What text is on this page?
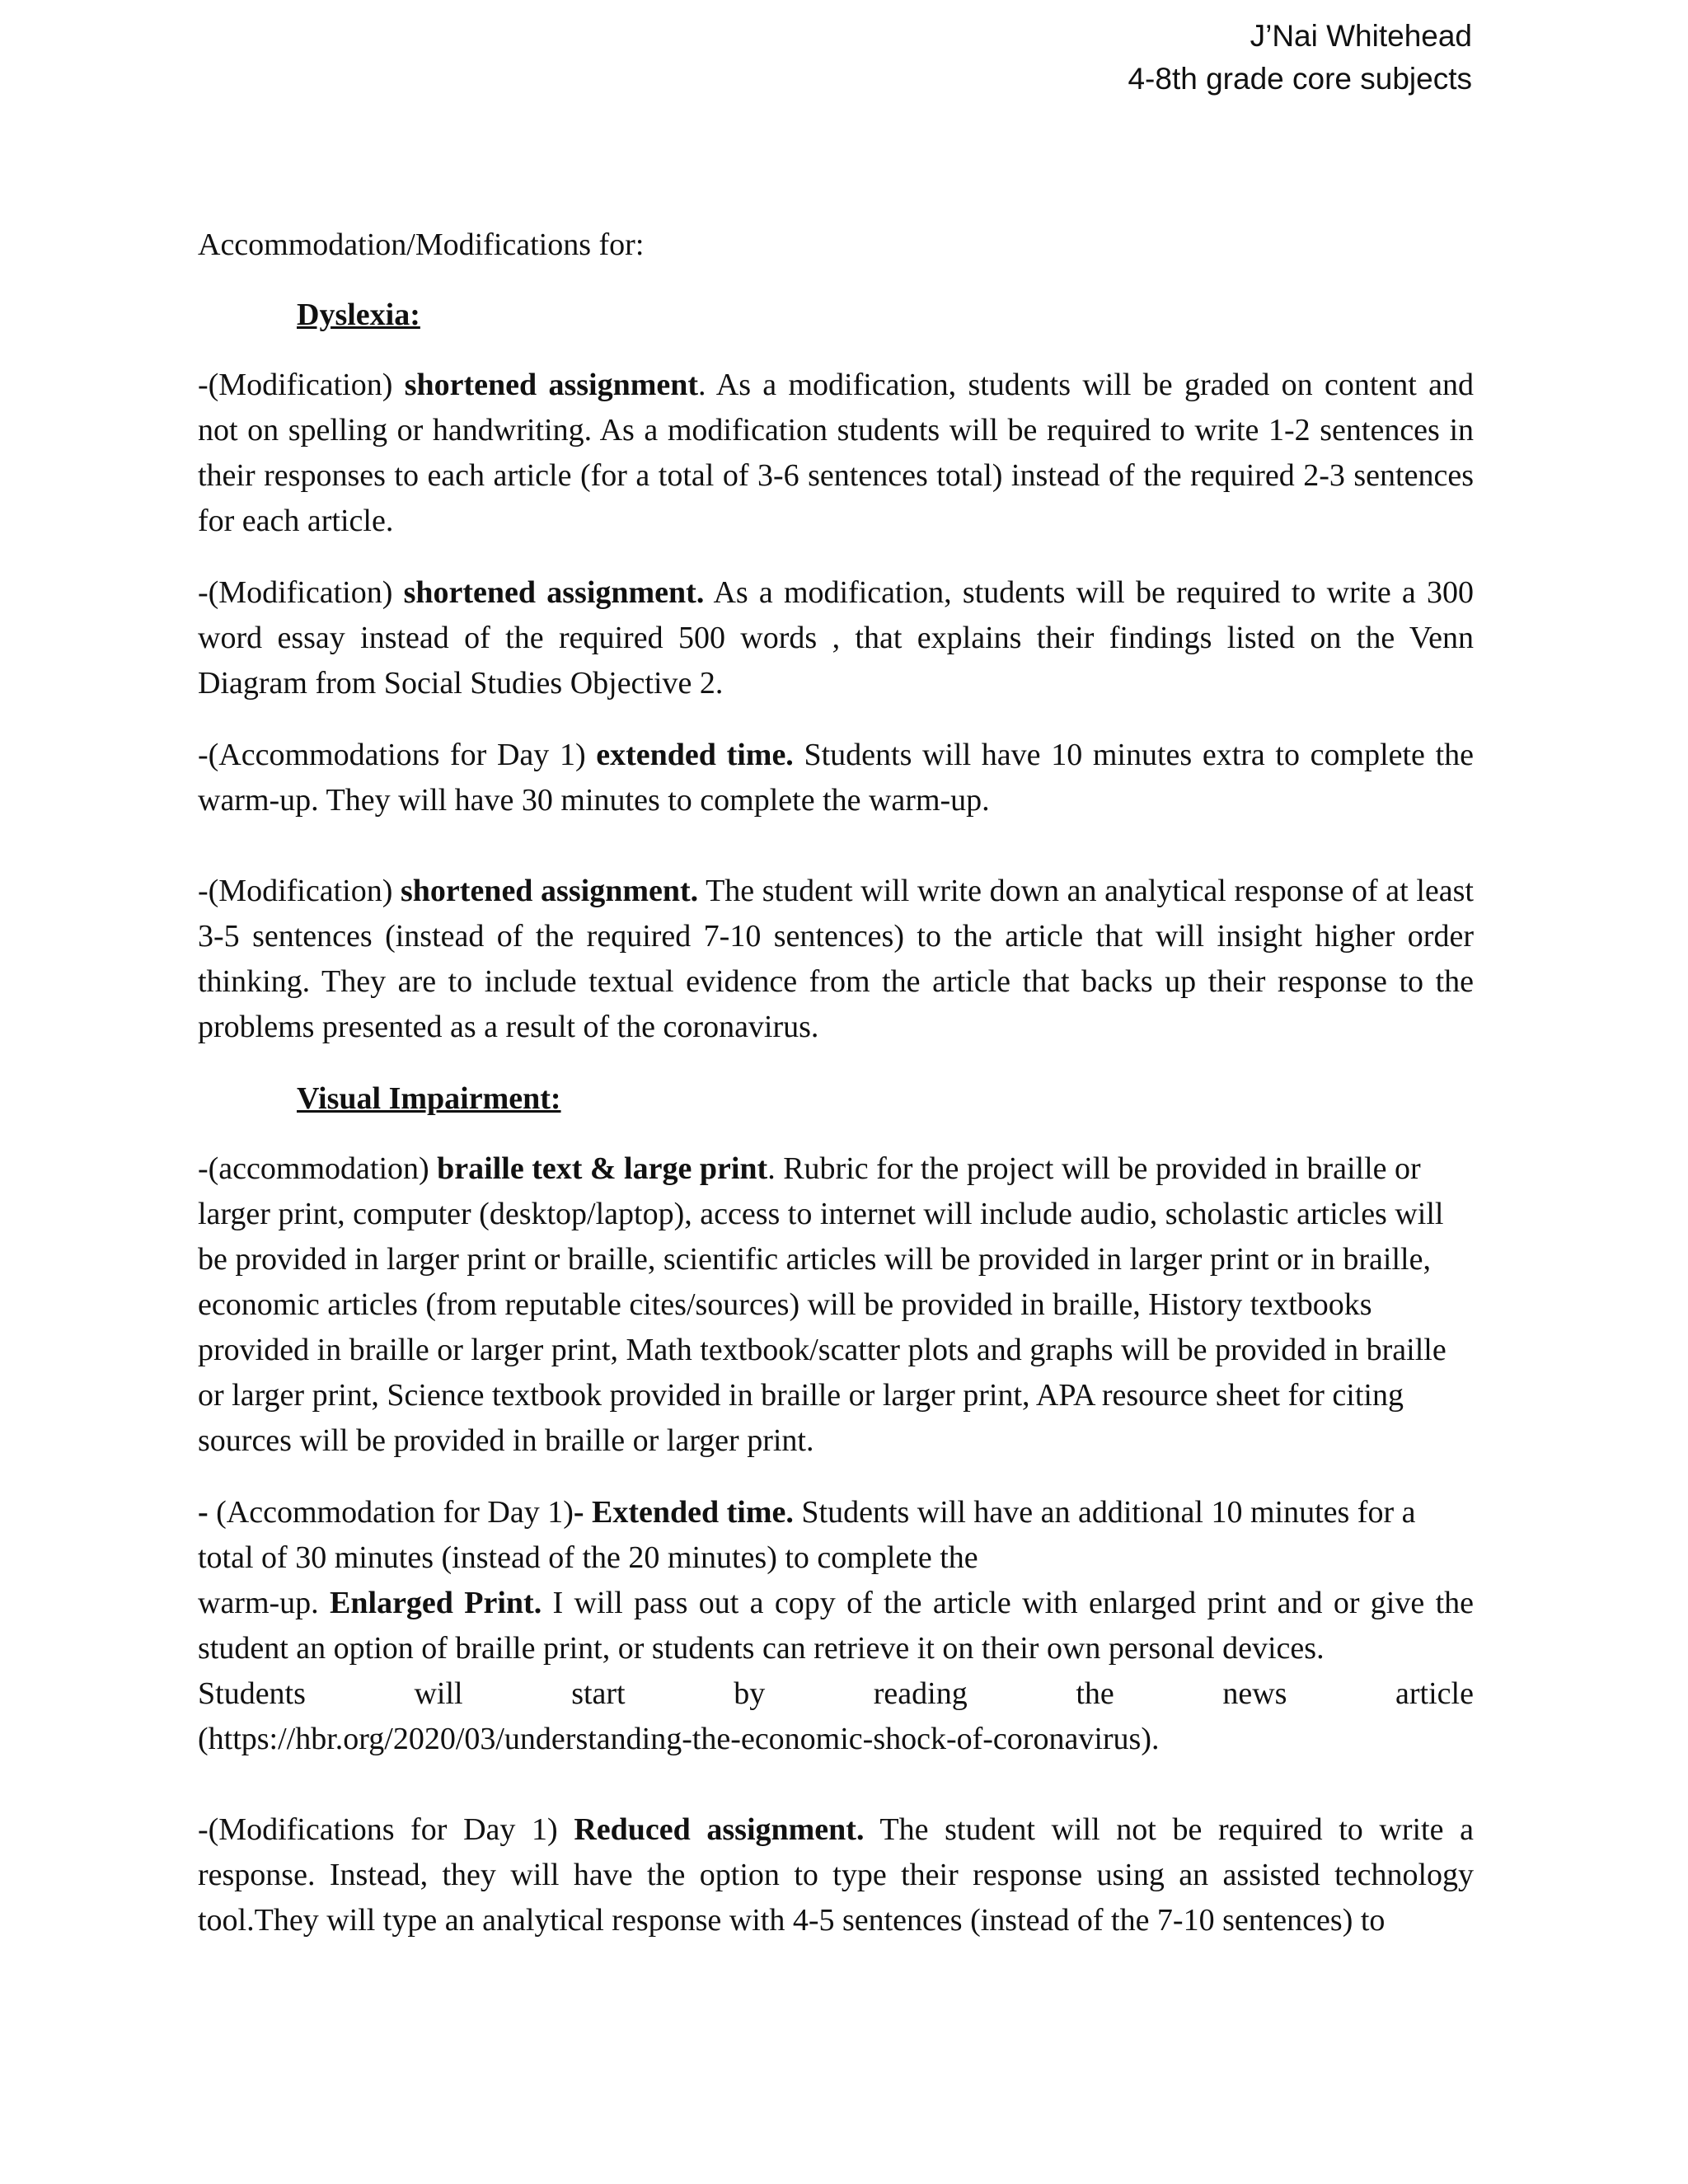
J’Nai Whitehead
4-8th grade core subjects

Accommodation/Modifications for:

Dyslexia:

-(Modification) shortened assignment. As a modification, students will be graded on content and not on spelling or handwriting. As a modification students will be required to write 1-2 sentences in their responses to each article (for a total of 3-6 sentences total) instead of the required 2-3 sentences for each article.

-(Modification) shortened assignment. As a modification, students will be required to write a 300 word essay instead of the required 500 words , that explains their findings listed on the Venn Diagram from Social Studies Objective 2.

-(Accommodations for Day 1) extended time. Students will have 10 minutes extra to complete the warm-up. They will have 30 minutes to complete the warm-up.

-(Modification) shortened assignment. The student will write down an analytical response of at least 3-5 sentences (instead of the required 7-10 sentences) to the article that will insight higher order thinking. They are to include textual evidence from the article that backs up their response to the problems presented as a result of the coronavirus.

Visual Impairment:

-(accommodation) braille text & large print. Rubric for the project will be provided in braille or larger print, computer (desktop/laptop), access to internet will include audio, scholastic articles will be provided in larger print or braille, scientific articles will be provided in larger print or in braille, economic articles (from reputable cites/sources) will be provided in braille, History textbooks provided in braille or larger print, Math textbook/scatter plots and graphs will be provided in braille or larger print, Science textbook provided in braille or larger print, APA resource sheet for citing sources will be provided in braille or larger print.

- (Accommodation for Day 1)- Extended time. Students will have an additional 10 minutes for a total of 30 minutes (instead of the 20 minutes) to complete the
warm-up. Enlarged Print. I will pass out a copy of the article with enlarged print and or give the student an option of braille print, or students can retrieve it on their own personal devices.
Students	will	start	by	reading	the	news	article
(https://hbr.org/2020/03/understanding-the-economic-shock-of-coronavirus).

-(Modifications for Day 1) Reduced assignment. The student will not be required to write a response. Instead, they will have the option to type their response using an assisted technology tool.They will type an analytical response with 4-5 sentences (instead of the 7-10 sentences) to
